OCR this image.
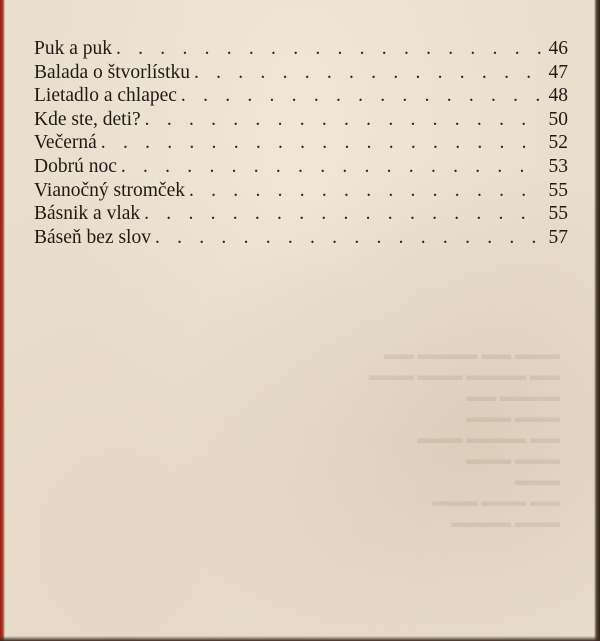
▬▬▬ ▬▬ ▬▬▬▬ ▬▬
▬▬ ▬▬▬▬ ▬▬▬ ▬▬▬
▬▬▬▬ ▬▬
▬▬▬ ▬▬▬
▬▬ ▬▬▬▬ ▬▬▬
▬▬▬ ▬▬▬
▬▬▬
▬▬ ▬▬▬ ▬▬▬
▬▬▬ ▬▬▬▬
Puk a puk . . .	46
Balada o štvorlístku . . .	47
Lietadlo a chlapec . . .	48
Kde ste, deti? . . .	50
Večerná . . .	52
Dobrú noc . . .	53
Vianočný stromček . . .	55
Básnik a vlak . . .	55
Báseň bez slov . . .	57
